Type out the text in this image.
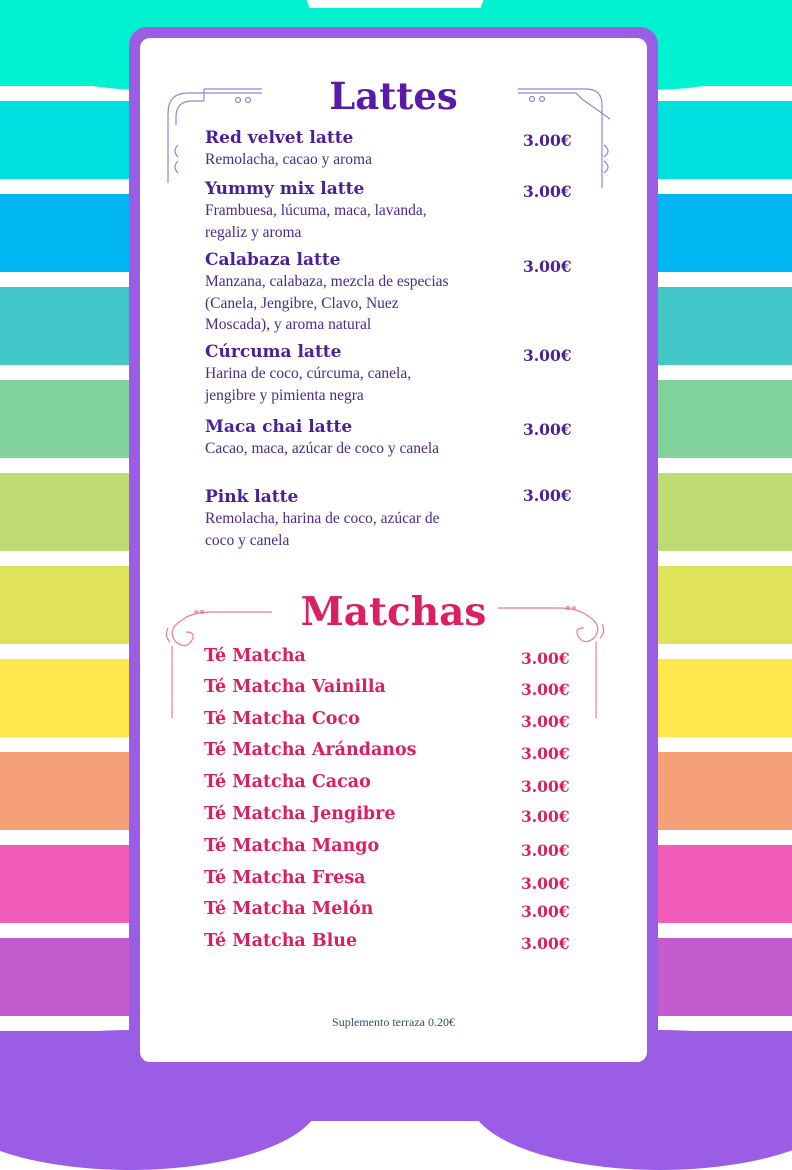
Lattes
Red velvet latte
Remolacha, cacao y aroma
3.00€
Yummy mix latte
Frambuesa, lúcuma, maca, lavanda, regaliz y aroma
3.00€
Calabaza latte
Manzana, calabaza, mezcla de especias (Canela, Jengibre, Clavo, Nuez Moscada), y aroma natural
3.00€
Cúrcuma latte
Harina de coco, cúrcuma, canela, jengibre y pimienta negra
3.00€
Maca chai latte
Cacao, maca, azúcar de coco y canela
3.00€
Pink latte
Remolacha, harina de coco, azúcar de coco y canela
3.00€
Matchas
Té Matcha	3.00€
Té Matcha Vainilla	3.00€
Té Matcha Coco	3.00€
Té Matcha Arándanos	3.00€
Té Matcha Cacao	3.00€
Té Matcha Jengibre	3.00€
Té Matcha Mango	3.00€
Té Matcha Fresa	3.00€
Té Matcha Melón	3.00€
Té Matcha Blue	3.00€
Suplemento terraza 0.20€
